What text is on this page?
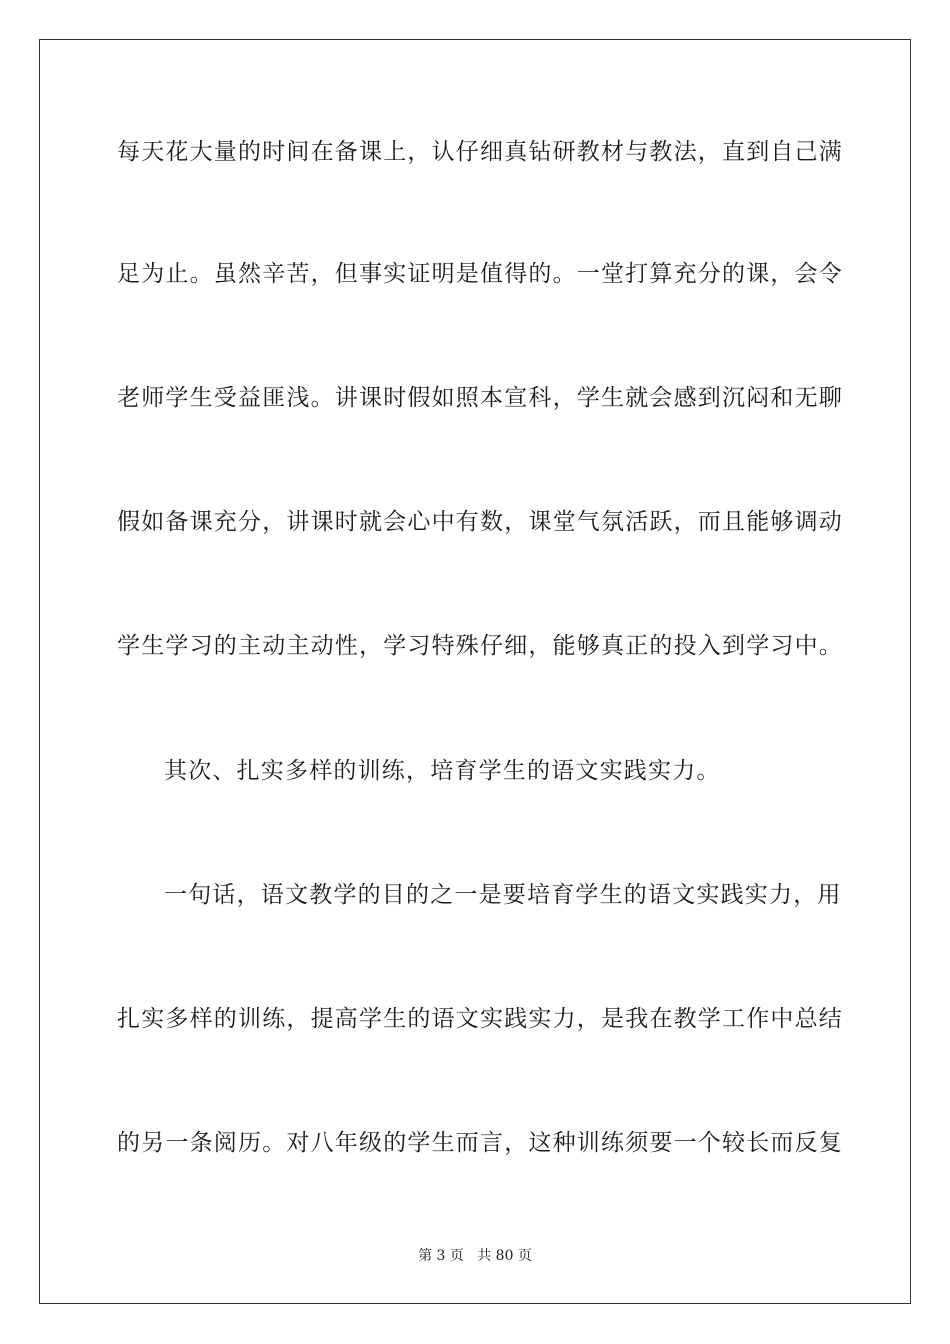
每天花大量的时间在备课上，认仔细真钻研教材与教法，直到自己满
足为止。虽然辛苦，但事实证明是值得的。一堂打算充分的课，会令
老师学生受益匪浅。讲课时假如照本宣科，学生就会感到沉闷和无聊
假如备课充分，讲课时就会心中有数，课堂气氛活跃，而且能够调动
学生学习的主动主动性，学习特殊仔细，能够真正的投入到学习中。
其次、扎实多样的训练，培育学生的语文实践实力。
一句话，语文教学的目的之一是要培育学生的语文实践实力，用
扎实多样的训练，提高学生的语文实践实力，是我在教学工作中总结
的另一条阅历。对八年级的学生而言，这种训练须要一个较长而反复
第 3 页   共 80 页
